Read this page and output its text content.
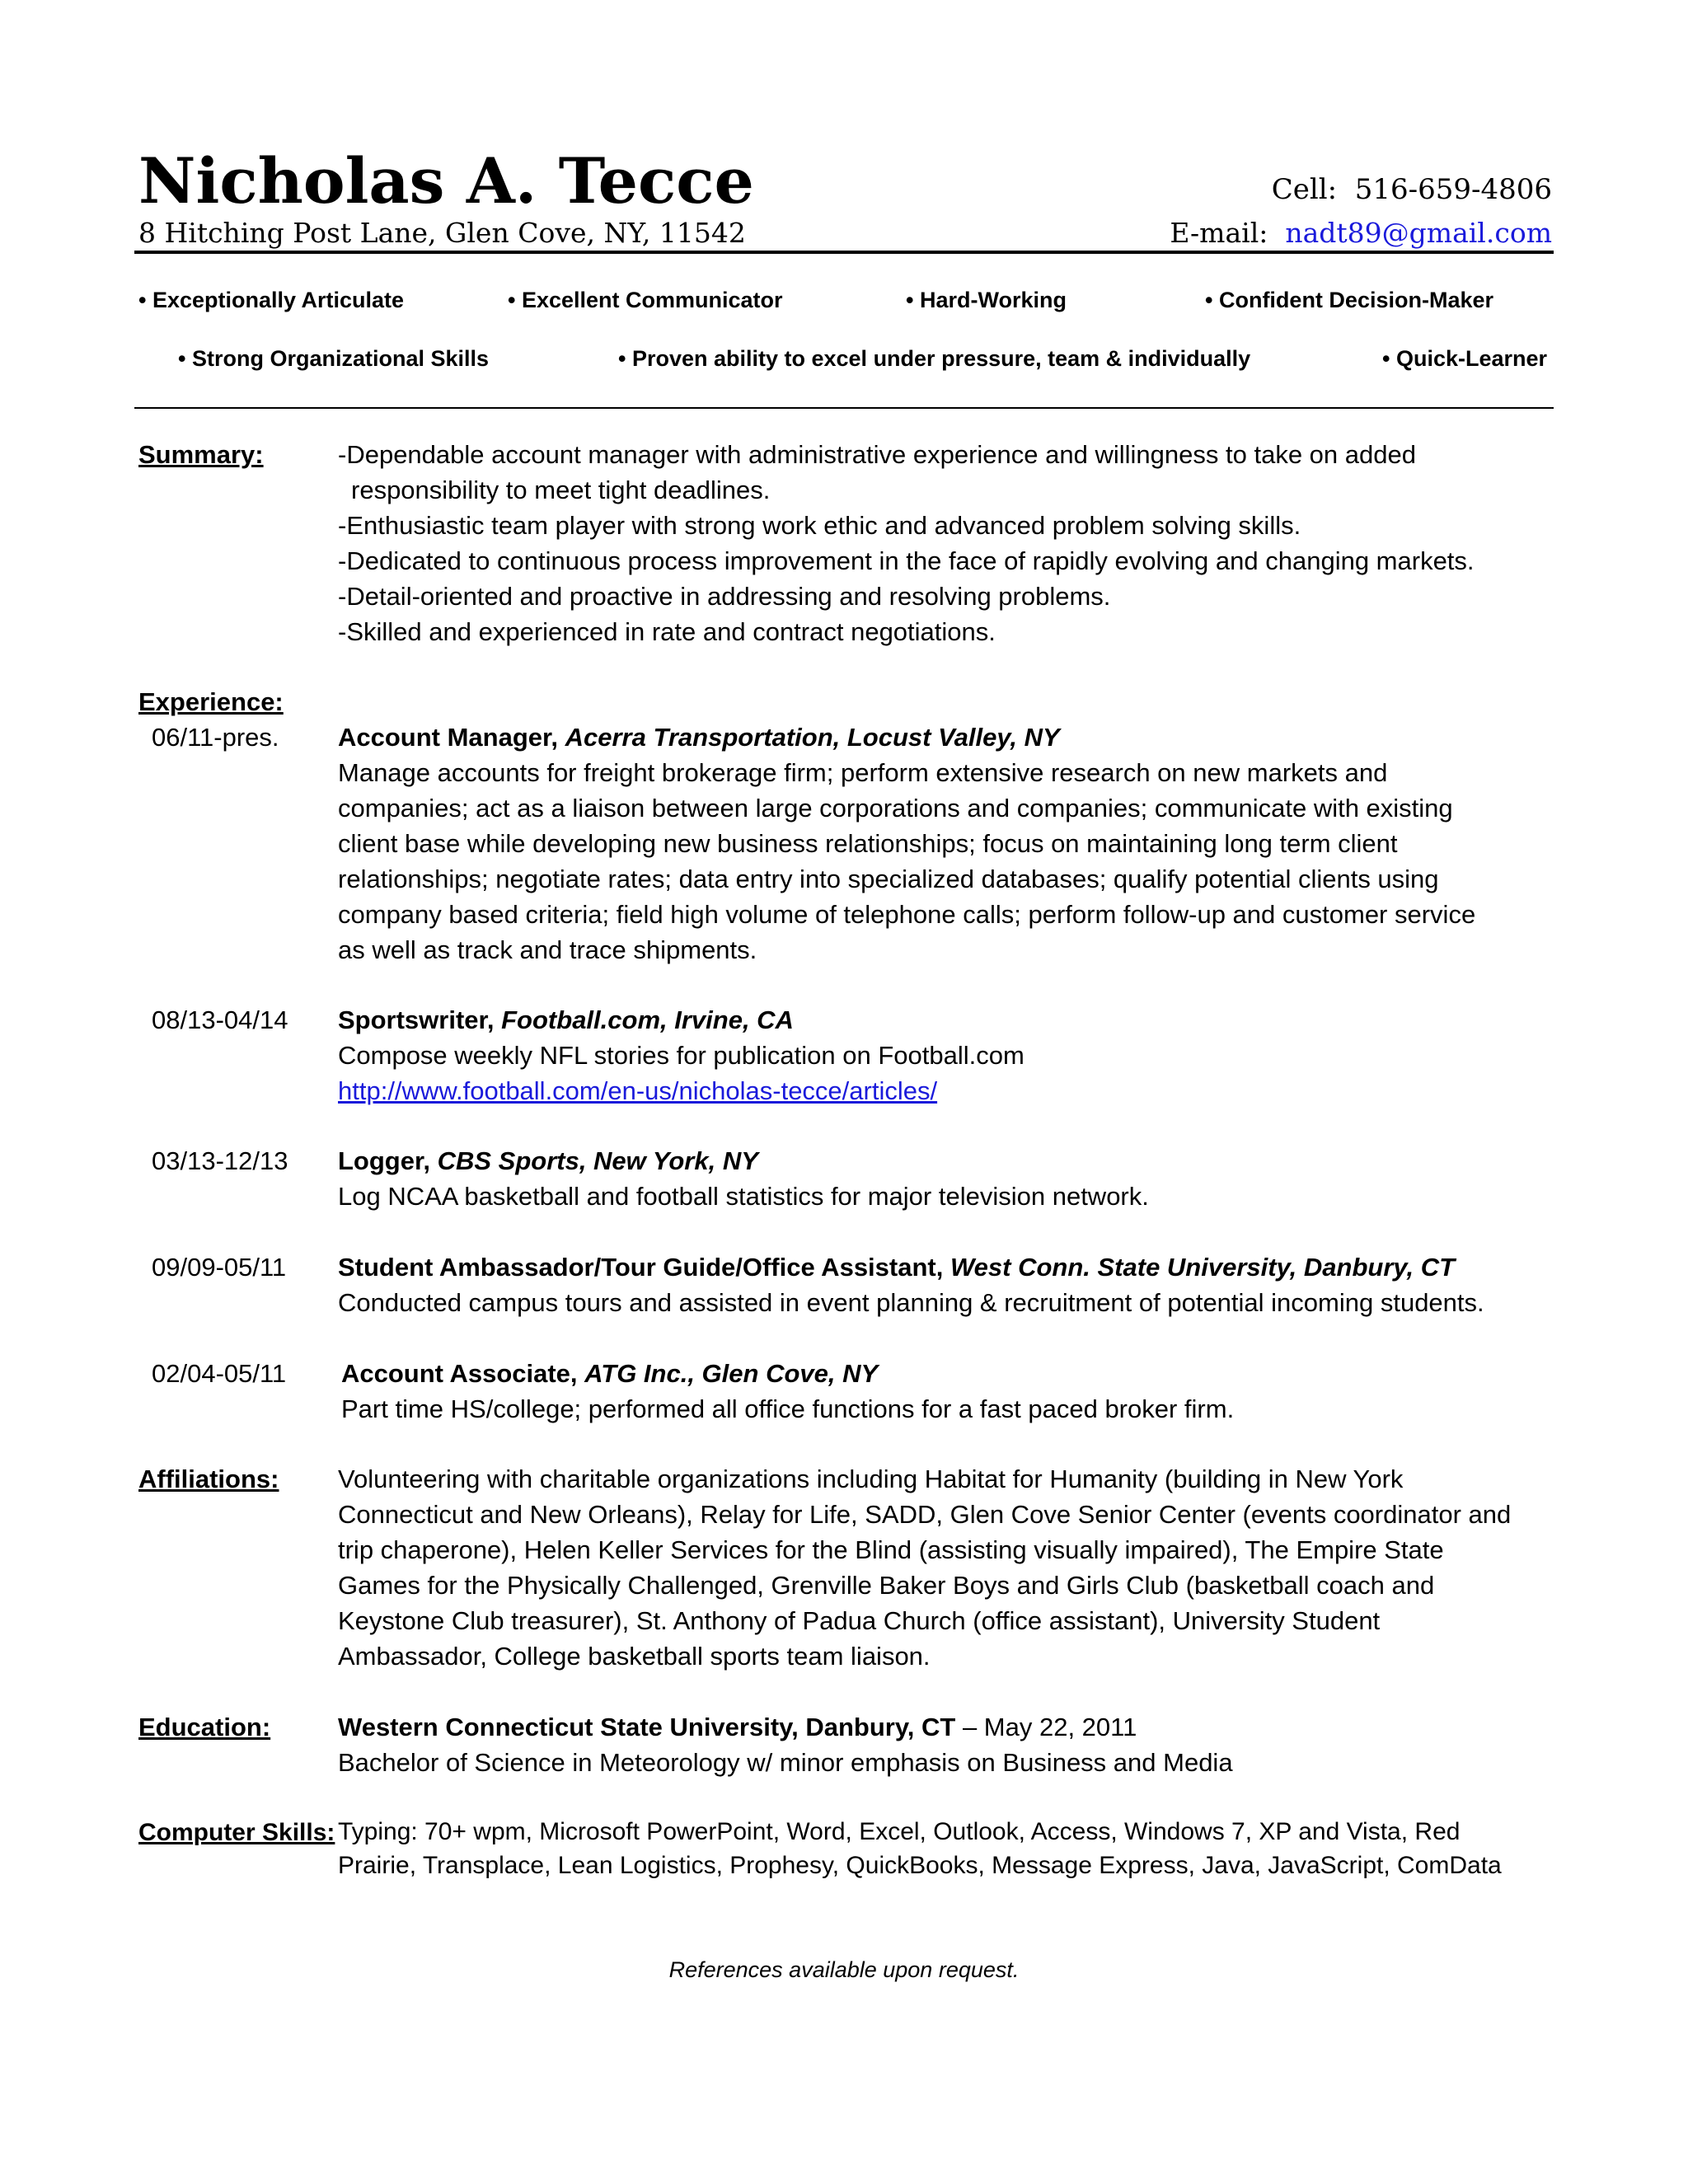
Nicholas A. Tecce	Cell: 516-659-4806
8 Hitching Post Lane, Glen Cove, NY, 11542	E-mail: nadt89@gmail.com
• Exceptionally Articulate	• Excellent Communicator	• Hard-Working	• Confident Decision-Maker
• Strong Organizational Skills	• Proven ability to excel under pressure, team & individually	• Quick-Learner
Summary:	-Dependable account manager with administrative experience and willingness to take on added
responsibility to meet tight deadlines.
-Enthusiastic team player with strong work ethic and advanced problem solving skills.
-Dedicated to continuous process improvement in the face of rapidly evolving and changing markets.
-Detail-oriented and proactive in addressing and resolving problems.
-Skilled and experienced in rate and contract negotiations.
Experience:
06/11-pres. Account Manager, Acerra Transportation, Locust Valley, NY
Manage accounts for freight brokerage firm; perform extensive research on new markets and
companies; act as a liaison between large corporations and companies; communicate with existing
client base while developing new business relationships; focus on maintaining long term client
relationships; negotiate rates; data entry into specialized databases; qualify potential clients using
company based criteria; field high volume of telephone calls; perform follow-up and customer service
as well as track and trace shipments.
08/13-04/14 Sportswriter, Football.com, Irvine, CA
Compose weekly NFL stories for publication on Football.com
http://www.football.com/en-us/nicholas-tecce/articles/
03/13-12/13 Logger, CBS Sports, New York, NY
Log NCAA basketball and football statistics for major television network.
09/09-05/11 Student Ambassador/Tour Guide/Office Assistant, West Conn. State University, Danbury, CT
Conducted campus tours and assisted in event planning & recruitment of potential incoming students.
02/04-05/11 Account Associate, ATG Inc., Glen Cove, NY
Part time HS/college; performed all office functions for a fast paced broker firm.
Affiliations: Volunteering with charitable organizations including Habitat for Humanity (building in New York
Connecticut and New Orleans), Relay for Life, SADD, Glen Cove Senior Center (events coordinator and
trip chaperone), Helen Keller Services for the Blind (assisting visually impaired), The Empire State
Games for the Physically Challenged, Grenville Baker Boys and Girls Club (basketball coach and
Keystone Club treasurer), St. Anthony of Padua Church (office assistant), University Student
Ambassador, College basketball sports team liaison.
Education:	Western Connecticut State University, Danbury, CT – May 22, 2011
Bachelor of Science in Meteorology w/ minor emphasis on Business and Media
Computer Skills: Typing: 70+ wpm, Microsoft PowerPoint, Word, Excel, Outlook, Access, Windows 7, XP and Vista, Red
Prairie, Transplace, Lean Logistics, Prophesy, QuickBooks, Message Express, Java, JavaScript, ComData
References available upon request.
